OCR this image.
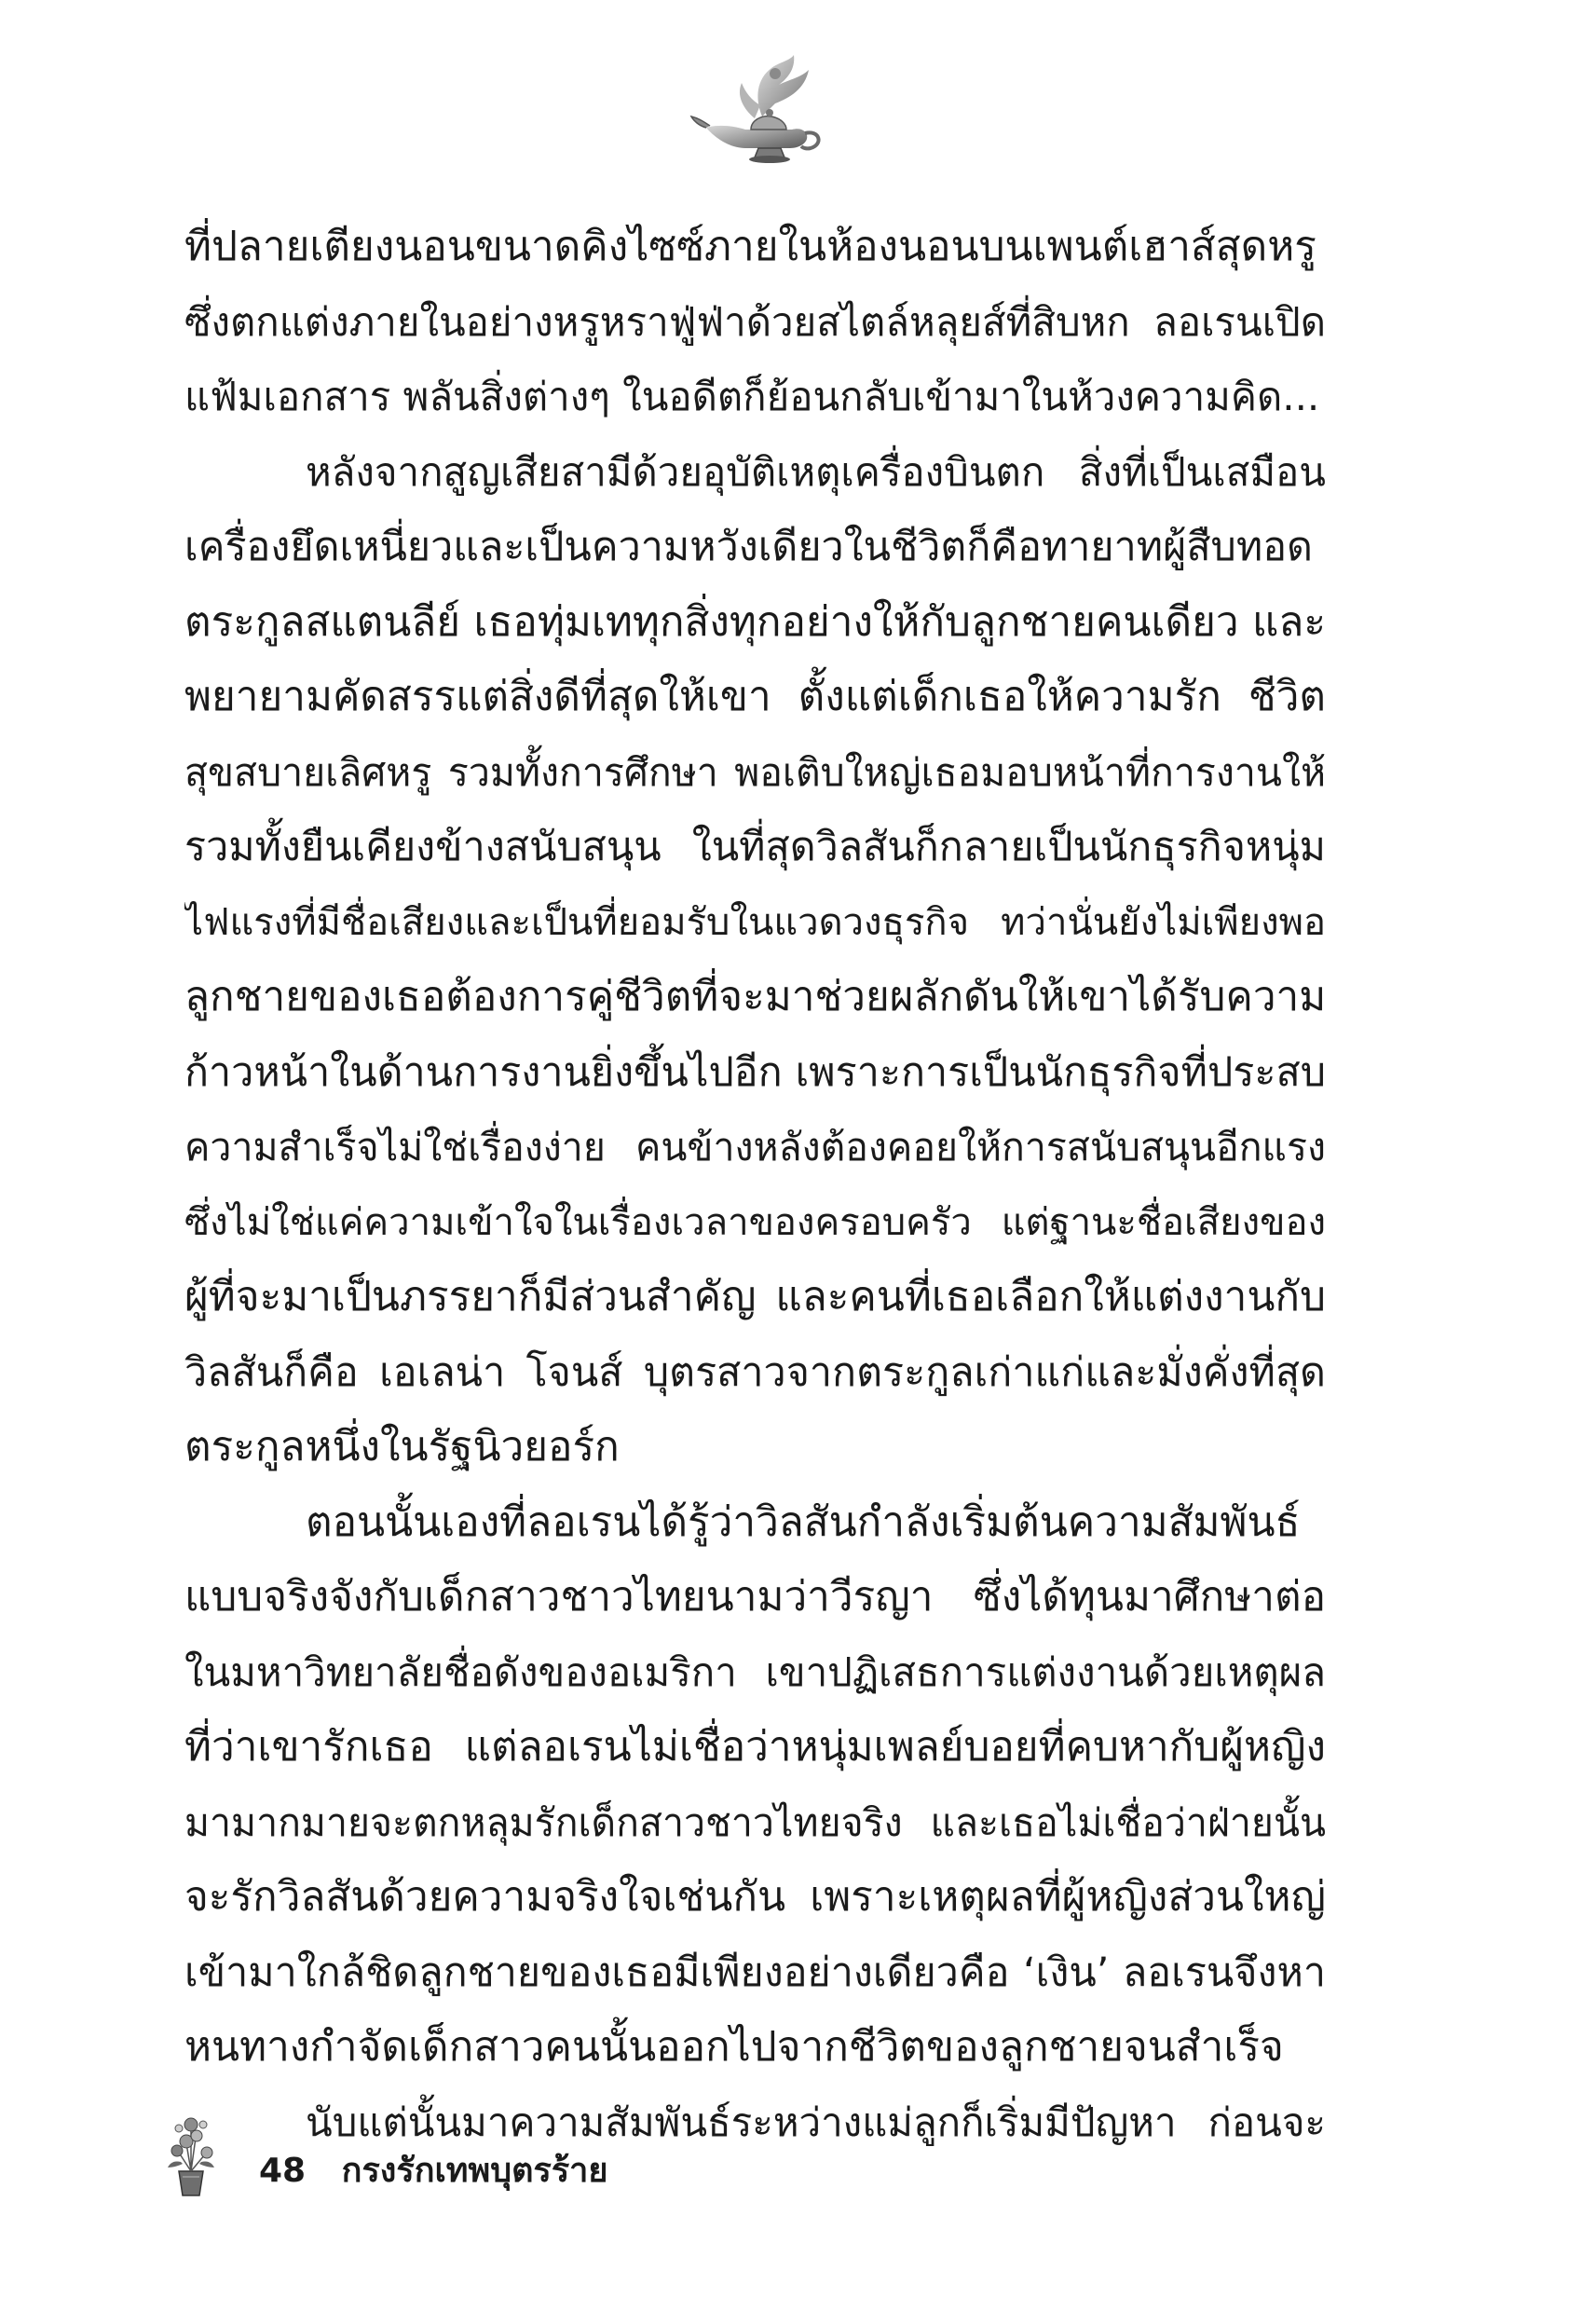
ที่ปลายเตียงนอนขนาดคิงไซซ์ภายในห้องนอนบนเพนต์เฮาส์สุดหรู
ซึ่งตกแต่งภายในอย่างหรูหราฟู่ฟ่าด้วยสไตล์หลุยส์ที่สิบหก ลอเรนเปิด
แฟ้มเอกสาร พลันสิ่งต่างๆ ในอดีตก็ย้อนกลับเข้ามาในห้วงความคิด...
หลังจากสูญเสียสามีด้วยอุบัติเหตุเครื่องบินตก สิ่งที่เป็นเสมือน
เครื่องยึดเหนี่ยวและเป็นความหวังเดียวในชีวิตก็คือทายาทผู้สืบทอด
ตระกูลสแตนลีย์ เธอทุ่มเททุกสิ่งทุกอย่างให้กับลูกชายคนเดียว และ
พยายามคัดสรรแต่สิ่งดีที่สุดให้เขา ตั้งแต่เด็กเธอให้ความรัก ชีวิต
สุขสบายเลิศหรู รวมทั้งการศึกษา พอเติบใหญ่เธอมอบหน้าที่การงานให้
รวมทั้งยืนเคียงข้างสนับสนุน ในที่สุดวิลสันก็กลายเป็นนักธุรกิจหนุ่ม
ไฟแรงที่มีชื่อเสียงและเป็นที่ยอมรับในแวดวงธุรกิจ ทว่านั่นยังไม่เพียงพอ
ลูกชายของเธอต้องการคู่ชีวิตที่จะมาช่วยผลักดันให้เขาได้รับความ
ก้าวหน้าในด้านการงานยิ่งขึ้นไปอีก เพราะการเป็นนักธุรกิจที่ประสบ
ความสำเร็จไม่ใช่เรื่องง่าย คนข้างหลังต้องคอยให้การสนับสนุนอีกแรง
ซึ่งไม่ใช่แค่ความเข้าใจในเรื่องเวลาของครอบครัว แต่ฐานะชื่อเสียงของ
ผู้ที่จะมาเป็นภรรยาก็มีส่วนสำคัญ และคนที่เธอเลือกให้แต่งงานกับ
วิลสันก็คือ เอเลน่า โจนส์ บุตรสาวจากตระกูลเก่าแก่และมั่งคั่งที่สุด
ตระกูลหนึ่งในรัฐนิวยอร์ก
ตอนนั้นเองที่ลอเรนได้รู้ว่าวิลสันกำลังเริ่มต้นความสัมพันธ์
แบบจริงจังกับเด็กสาวชาวไทยนามว่าวีรญา ซึ่งได้ทุนมาศึกษาต่อ
ในมหาวิทยาลัยชื่อดังของอเมริกา เขาปฏิเสธการแต่งงานด้วยเหตุผล
ที่ว่าเขารักเธอ แต่ลอเรนไม่เชื่อว่าหนุ่มเพลย์บอยที่คบหากับผู้หญิง
มามากมายจะตกหลุมรักเด็กสาวชาวไทยจริง และเธอไม่เชื่อว่าฝ่ายนั้น
จะรักวิลสันด้วยความจริงใจเช่นกัน เพราะเหตุผลที่ผู้หญิงส่วนใหญ่
เข้ามาใกล้ชิดลูกชายของเธอมีเพียงอย่างเดียวคือ ‘เงิน’ ลอเรนจึงหา
หนทางกำจัดเด็กสาวคนนั้นออกไปจากชีวิตของลูกชายจนสำเร็จ
นับแต่นั้นมาความสัมพันธ์ระหว่างแม่ลูกก็เริ่มมีปัญหา ก่อนจะ
48 กรงรักเทพบุตรร้าย
